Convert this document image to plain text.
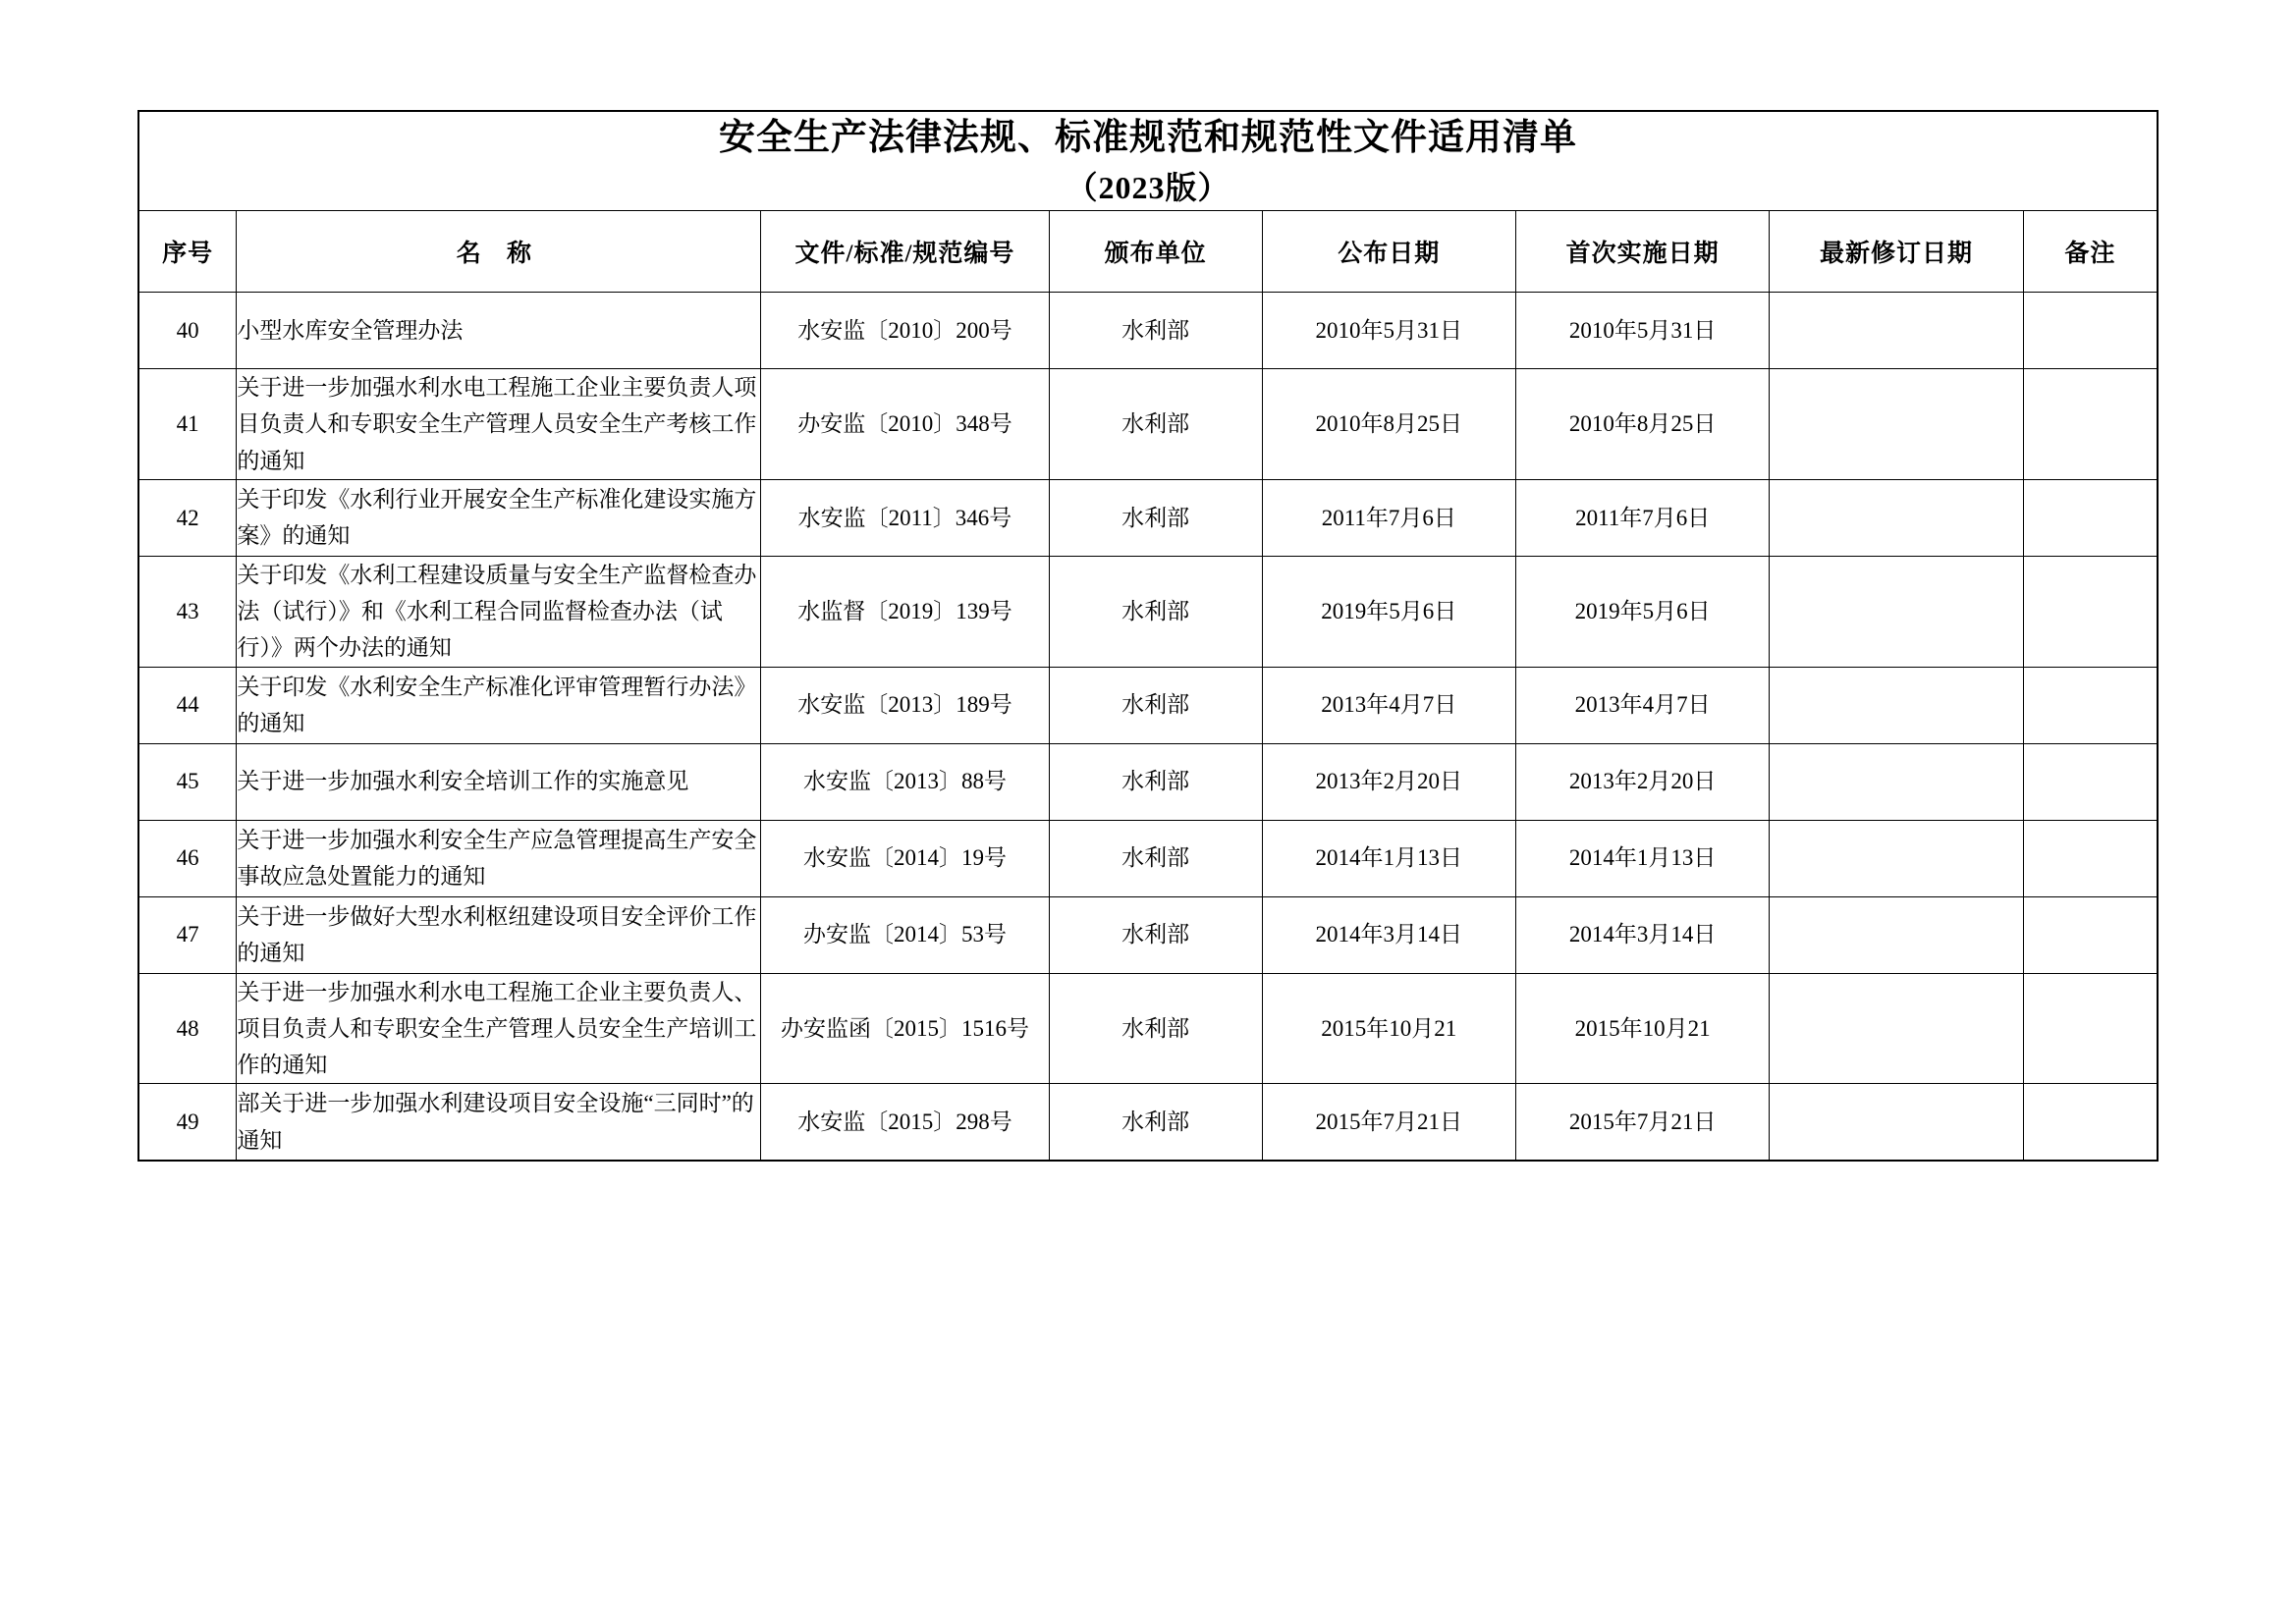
安全生产法律法规、标准规范和规范性文件适用清单
（2023版）							

序号	名 称	文件/标准/规范编号	颁布单位	公布日期	首次实施日期	最新修订日期	备注
40	小型水库安全管理办法	水安监〔2010〕200号	水利部	2010年5月31日	2010年5月31日		
41	关于进一步加强水利水电工程施工企业主要负责人项目负责人和专职安全生产管理人员安全生产考核工作的通知	办安监〔2010〕348号	水利部	2010年8月25日	2010年8月25日		
42	关于印发《水利行业开展安全生产标准化建设实施方案》的通知	水安监〔2011〕346号	水利部	2011年7月6日	2011年7月6日		
43	关于印发《水利工程建设质量与安全生产监督检查办法（试行）》和《水利工程合同监督检查办法（试行）》两个办法的通知	水监督〔2019〕139号	水利部	2019年5月6日	2019年5月6日		
44	关于印发《水利安全生产标准化评审管理暂行办法》的通知	水安监〔2013〕189号	水利部	2013年4月7日	2013年4月7日		
45	关于进一步加强水利安全培训工作的实施意见	水安监〔2013〕88号	水利部	2013年2月20日	2013年2月20日		
46	关于进一步加强水利安全生产应急管理提高生产安全事故应急处置能力的通知	水安监〔2014〕19号	水利部	2014年1月13日	2014年1月13日		
47	关于进一步做好大型水利枢纽建设项目安全评价工作的通知	办安监〔2014〕53号	水利部	2014年3月14日	2014年3月14日		
48	关于进一步加强水利水电工程施工企业主要负责人、项目负责人和专职安全生产管理人员安全生产培训工作的通知	办安监函〔2015〕1516号	水利部	2015年10月21	2015年10月21		
49	部关于进一步加强水利建设项目安全设施“三同时”的通知	水安监〔2015〕298号	水利部	2015年7月21日	2015年7月21日		
